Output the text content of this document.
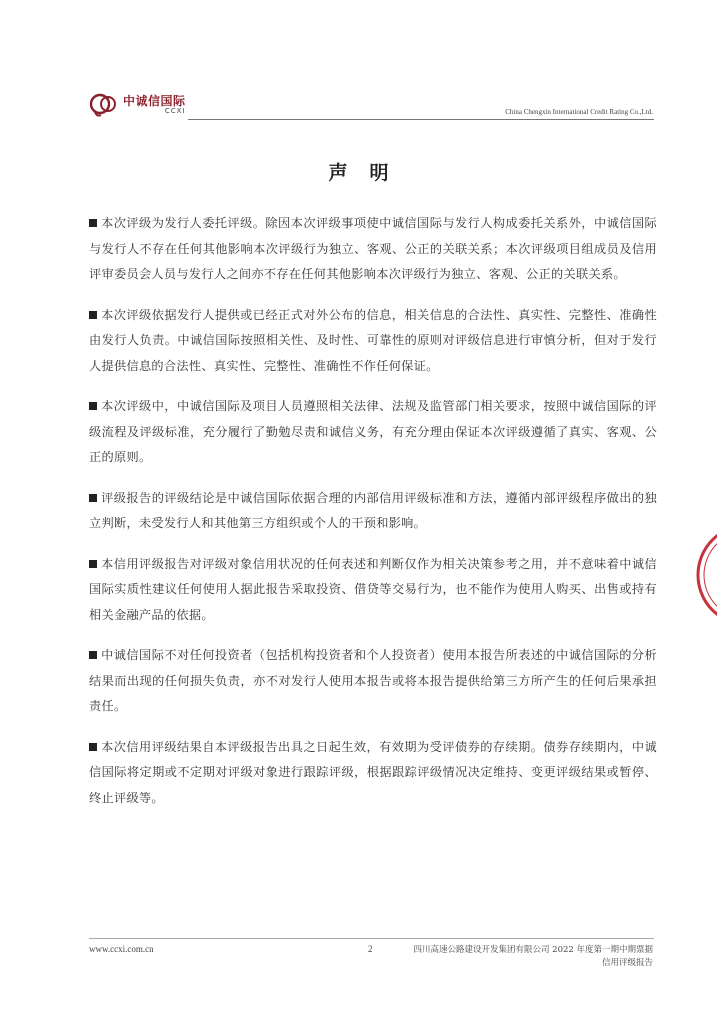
中诚信国际
CCXI	China Chengxin International Credit Rating Co.,Ltd.
声明

本次评级为发行人委托评级。除因本次评级事项使中诚信国际与发行人构成委托关系外，中诚信国际与发行人不存在任何其他影响本次评级行为独立、客观、公正的关联关系；本次评级项目组成员及信用评审委员会人员与发行人之间亦不存在任何其他影响本次评级行为独立、客观、公正的关联关系。

本次评级依据发行人提供或已经正式对外公布的信息，相关信息的合法性、真实性、完整性、准确性由发行人负责。中诚信国际按照相关性、及时性、可靠性的原则对评级信息进行审慎分析，但对于发行人提供信息的合法性、真实性、完整性、准确性不作任何保证。

本次评级中，中诚信国际及项目人员遵照相关法律、法规及监管部门相关要求，按照中诚信国际的评级流程及评级标准，充分履行了勤勉尽责和诚信义务，有充分理由保证本次评级遵循了真实、客观、公正的原则。

评级报告的评级结论是中诚信国际依据合理的内部信用评级标准和方法，遵循内部评级程序做出的独立判断，未受发行人和其他第三方组织或个人的干预和影响。

本信用评级报告对评级对象信用状况的任何表述和判断仅作为相关决策参考之用，并不意味着中诚信国际实质性建议任何使用人据此报告采取投资、借贷等交易行为，也不能作为使用人购买、出售或持有相关金融产品的依据。

中诚信国际不对任何投资者（包括机构投资者和个人投资者）使用本报告所表述的中诚信国际的分析结果而出现的任何损失负责，亦不对发行人使用本报告或将本报告提供给第三方所产生的任何后果承担责任。

本次信用评级结果自本评级报告出具之日起生效，有效期为受评债券的存续期。债券存续期内，中诚信国际将定期或不定期对评级对象进行跟踪评级，根据跟踪评级情况决定维持、变更评级结果或暂停、终止评级等。

www.ccxi.com.cn	2	四川高速公路建设开发集团有限公司 2022 年度第一期中期票据
信用评级报告
